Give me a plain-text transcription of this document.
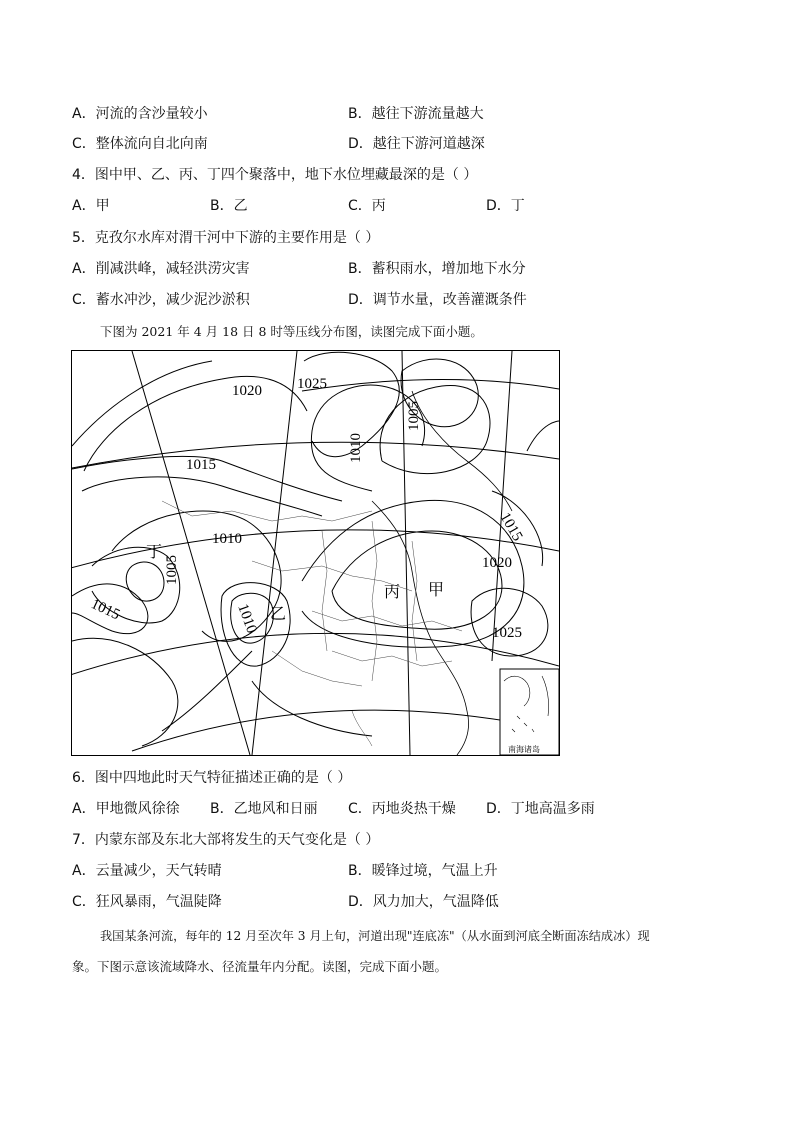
A．河流的含沙量较小	B．越往下游流量越大
C．整体流向自北向南	D．越往下游河道越深
4．图中甲、乙、丙、丁四个聚落中，地下水位埋藏最深的是（ ）
A．甲	B．乙	C．丙	D．丁
5．克孜尔水库对渭干河中下游的主要作用是（ ）
A．削减洪峰，减轻洪涝灾害	B．蓄积雨水，增加地下水分
C．蓄水冲沙，减少泥沙淤积	D．调节水量，改善灌溉条件
下图为 2021 年 4 月 18 日 8 时等压线分布图，读图完成下面小题。
1020 1025
1005
1010
1015
1010
1005
1015	1010
1015
1020
1025
甲
乙
丙
丁
南海诸岛
6．图中四地此时天气特征描述正确的是（ ）
A．甲地微风徐徐 B．乙地风和日丽 C．丙地炎热干燥 D．丁地高温多雨
7．内蒙东部及东北大部将发生的天气变化是（ ）
A．云量减少，天气转晴	B．暖锋过境，气温上升
C．狂风暴雨，气温陡降	D．风力加大，气温降低
我国某条河流，每年的 12 月至次年 3 月上旬，河道出现"连底冻"（从水面到河底全断面冻结成冰）现
象。下图示意该流域降水、径流量年内分配。读图，完成下面小题。
